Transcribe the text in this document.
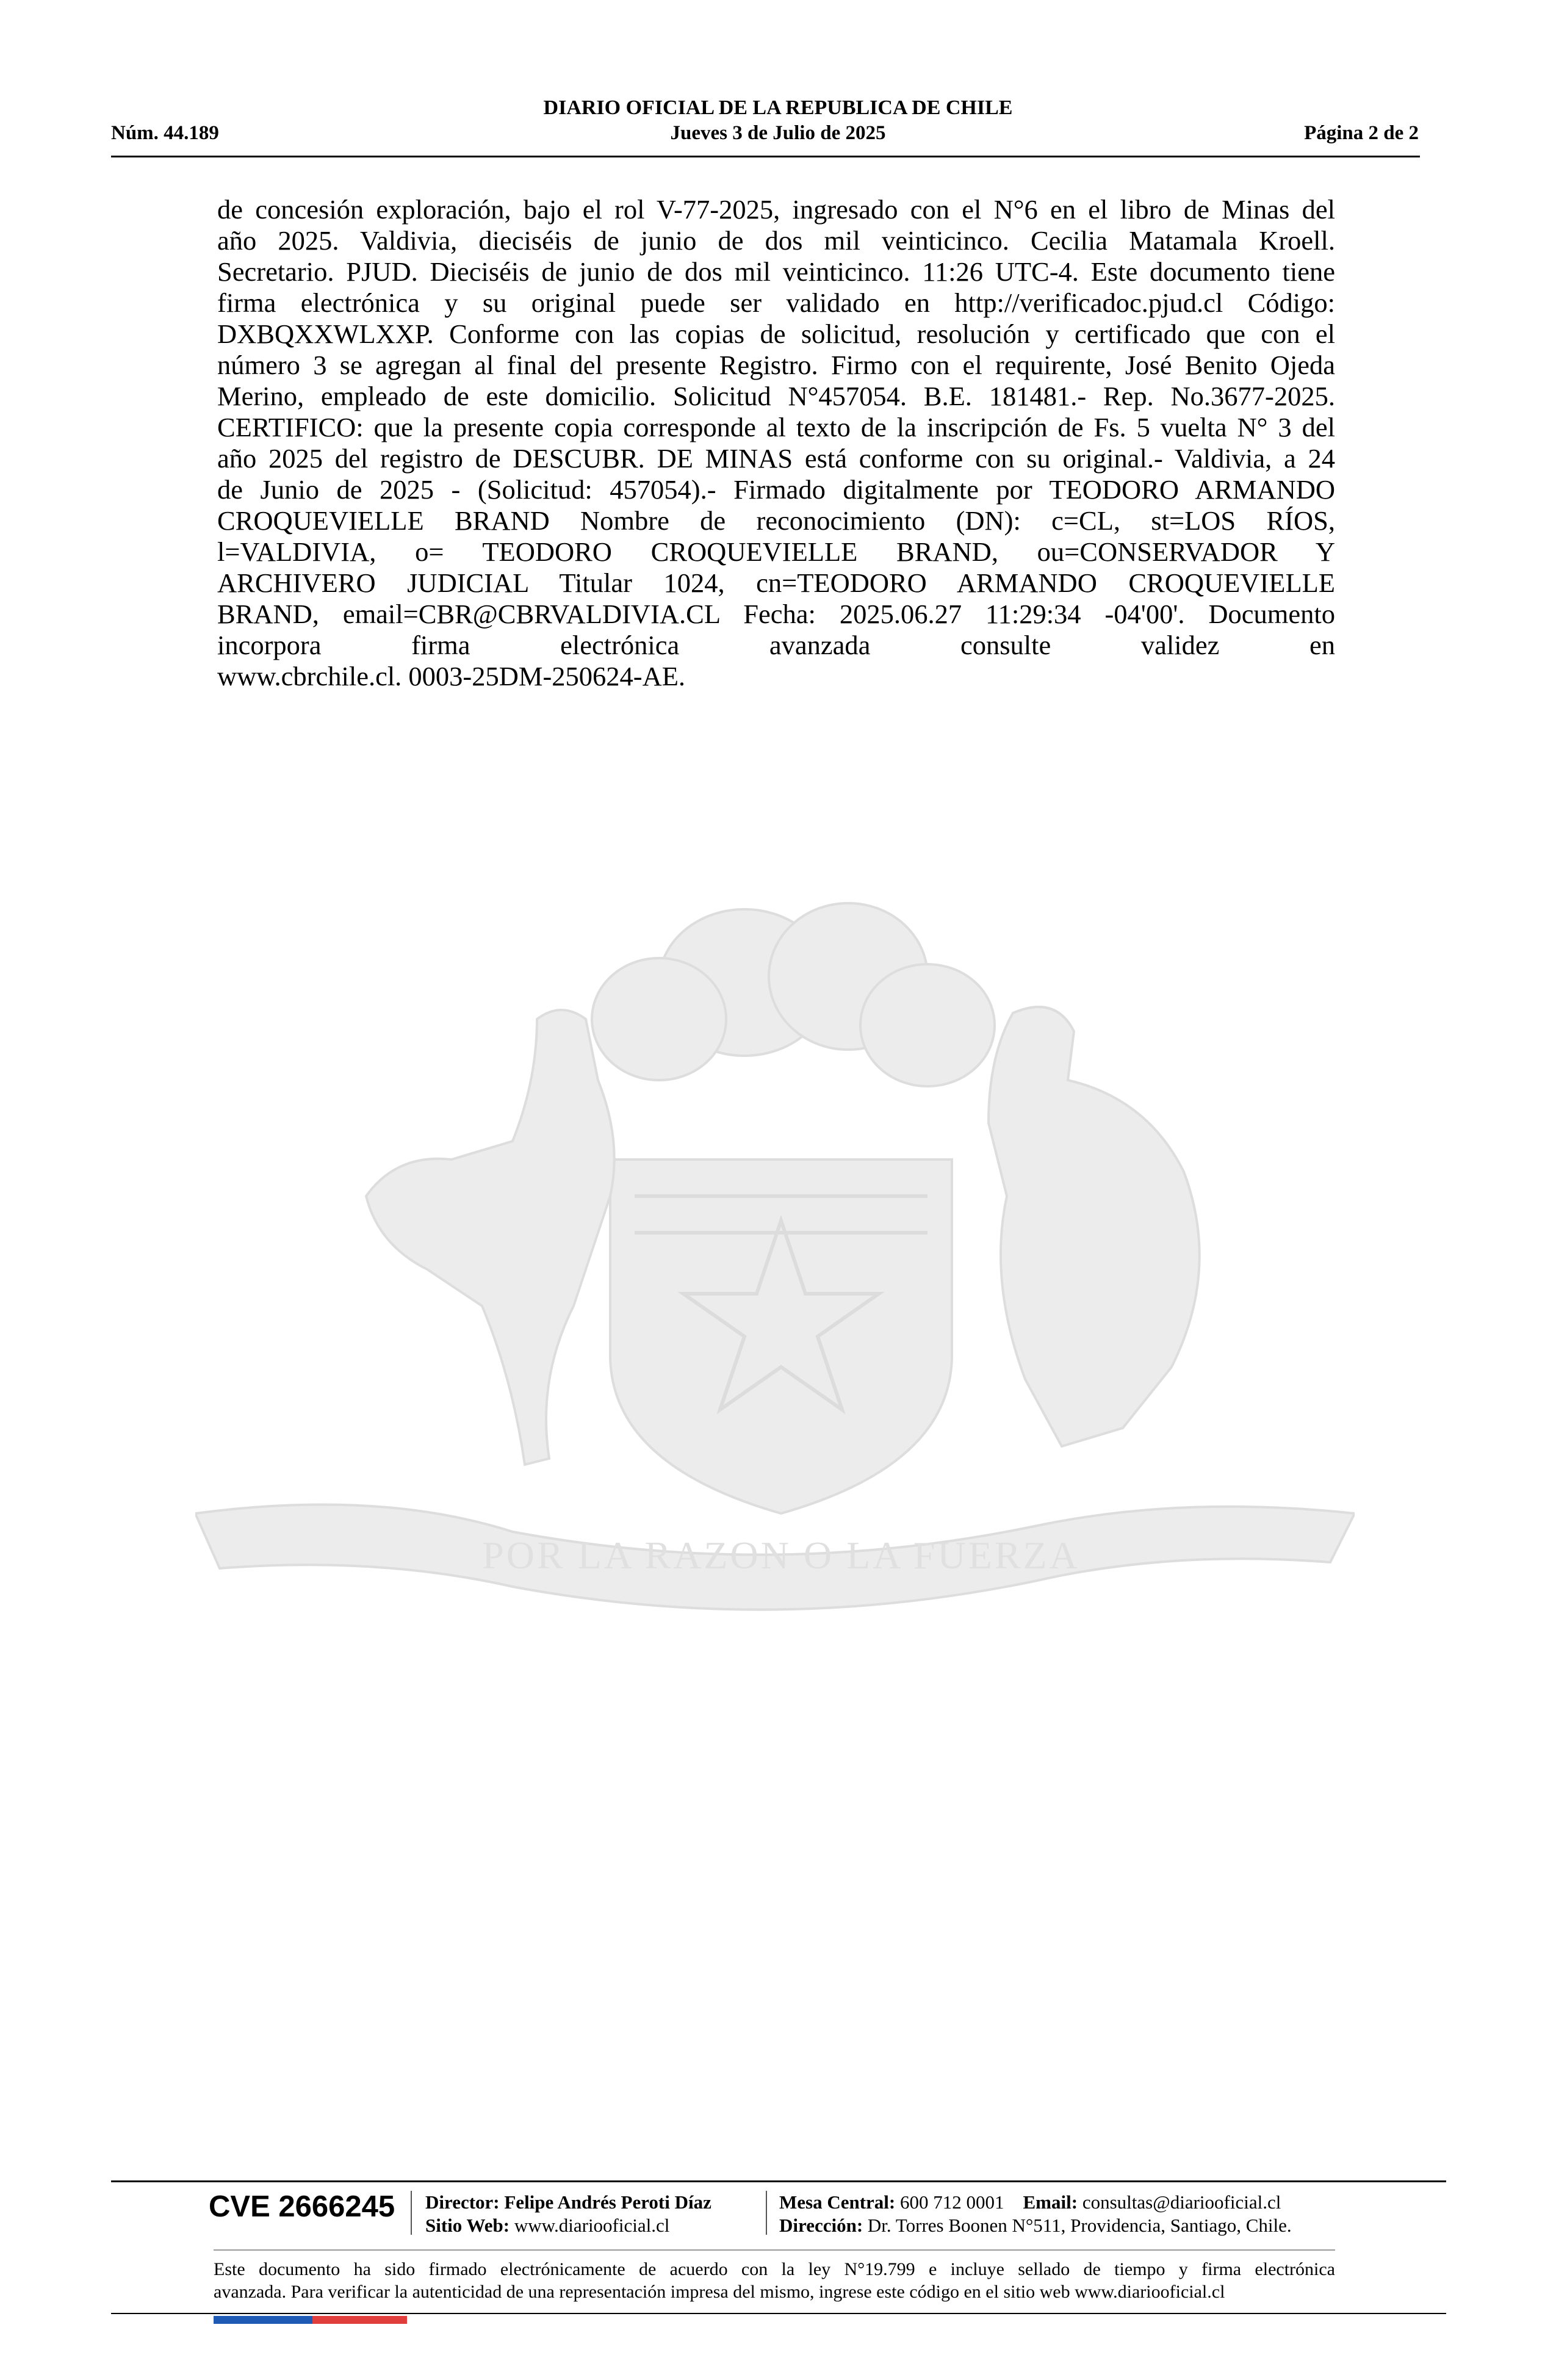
DIARIO OFICIAL DE LA REPUBLICA DE CHILE
Núm. 44.189	Jueves 3 de Julio de 2025	Página 2 de 2
POR LA RAZON O LA FUERZA
de concesión exploración, bajo el rol V-77-2025, ingresado con el N°6 en el libro de Minas del
año 2025. Valdivia, dieciséis de junio de dos mil veinticinco. Cecilia Matamala Kroell.
Secretario. PJUD. Dieciséis de junio de dos mil veinticinco. 11:26 UTC-4. Este documento tiene
firma electrónica y su original puede ser validado en http://verificadoc.pjud.cl Código:
DXBQXXWLXXP. Conforme con las copias de solicitud, resolución y certificado que con el
número 3 se agregan al final del presente Registro. Firmo con el requirente, José Benito Ojeda
Merino, empleado de este domicilio. Solicitud N°457054. B.E. 181481.- Rep. No.3677-2025.
CERTIFICO: que la presente copia corresponde al texto de la inscripción de Fs. 5 vuelta N° 3 del
año 2025 del registro de DESCUBR. DE MINAS está conforme con su original.- Valdivia, a 24
de Junio de 2025 - (Solicitud: 457054).- Firmado digitalmente por TEODORO ARMANDO
CROQUEVIELLE BRAND Nombre de reconocimiento (DN): c=CL, st=LOS RÍOS,
l=VALDIVIA, o= TEODORO CROQUEVIELLE BRAND, ou=CONSERVADOR Y
ARCHIVERO JUDICIAL Titular 1024, cn=TEODORO ARMANDO CROQUEVIELLE
BRAND, email=CBR@CBRVALDIVIA.CL Fecha: 2025.06.27 11:29:34 -04'00'. Documento
incorpora firma electrónica avanzada consulte validez en
www.cbrchile.cl. 0003-25DM-250624-AE.
CVE 2666245 Director: Felipe Andrés Peroti Díaz
Sitio Web: www.diariooficial.cl
Mesa Central: 600 712 0001 Email: consultas@diariooficial.cl
Dirección: Dr. Torres Boonen N°511, Providencia, Santiago, Chile.
Este documento ha sido firmado electrónicamente de acuerdo con la ley N°19.799 e incluye sellado de tiempo y firma electrónica
avanzada. Para verificar la autenticidad de una representación impresa del mismo, ingrese este código en el sitio web www.diariooficial.cl
